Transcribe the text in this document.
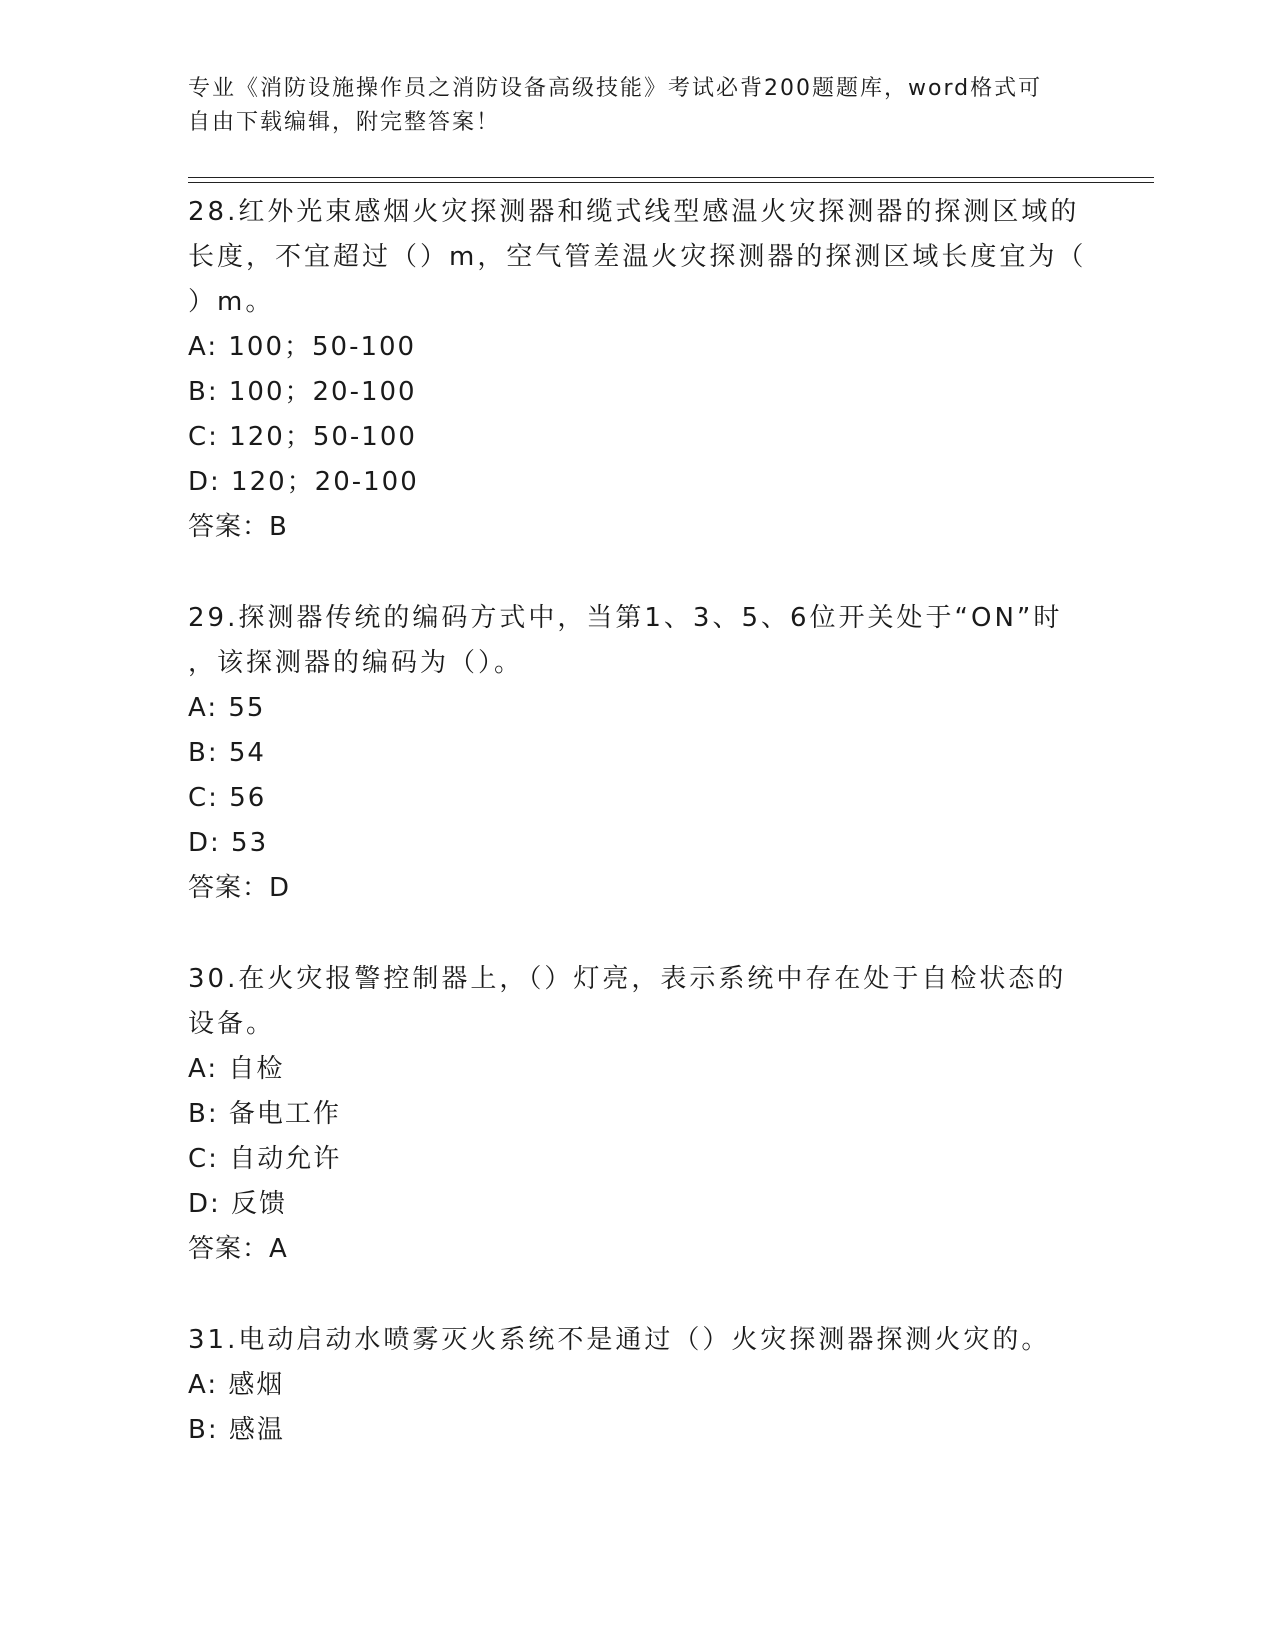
专业《消防设施操作员之消防设备高级技能》考试必背200题题库，word格式可
自由下载编辑，附完整答案！
28.红外光束感烟火灾探测器和缆式线型感温火灾探测器的探测区域的
长度，不宜超过（）m，空气管差温火灾探测器的探测区域长度宜为（
）m。
A: 100；50-100
B: 100；20-100
C: 120；50-100
D: 120；20-100
答案：B
29.探测器传统的编码方式中，当第1、3、5、6位开关处于“ON”时
，该探测器的编码为（）。
A: 55
B: 54
C: 56
D: 53
答案：D
30.在火灾报警控制器上，（）灯亮，表示系统中存在处于自检状态的
设备。
A: 自检
B: 备电工作
C: 自动允许
D: 反馈
答案：A
31.电动启动水喷雾灭火系统不是通过（）火灾探测器探测火灾的。
A: 感烟
B: 感温
